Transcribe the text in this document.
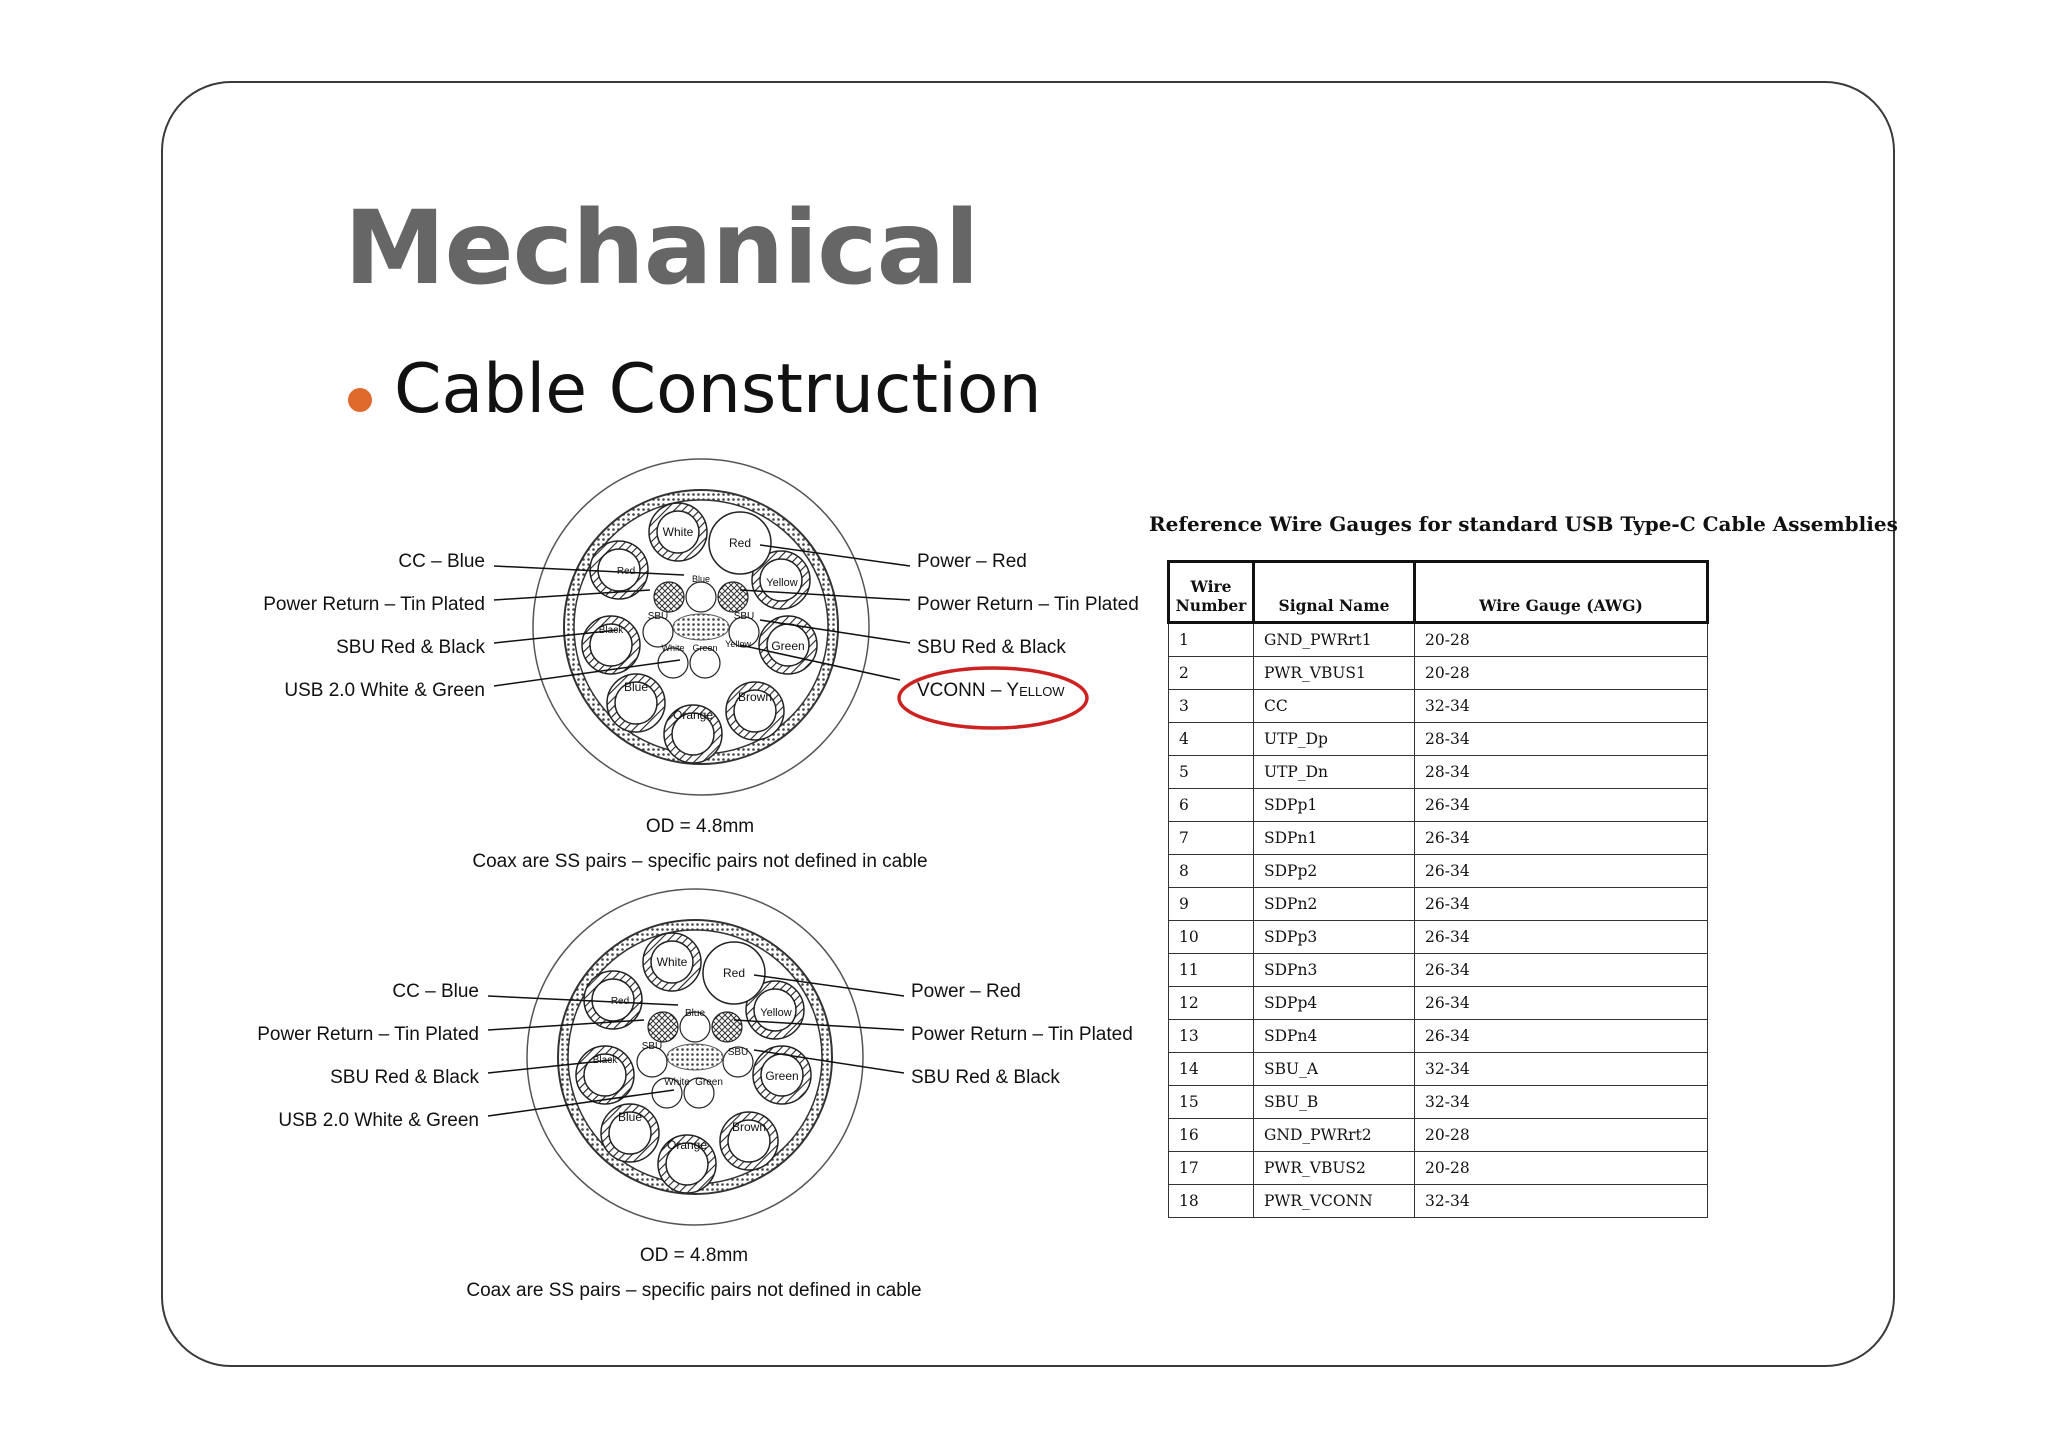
Mechanical
Cable Construction
White
Red
Red
Blue	Yellow
SBU	SBU
Black
White Green Yellow Green
Blue
Brown
Orange
White
Red
Red
Blue	Yellow
SBU
SBU
Black
White Green	Green
Blue
Brown
Orange
CC – Blue
Power Return – Tin Plated
SBU Red & Black
USB 2.0 White & Green
Power – Red
Power Return – Tin Plated
SBU Red & Black
VCONN – Yellow
OD = 4.8mm
Coax are SS pairs – specific pairs not defined in cable
CC – Blue
Power Return – Tin Plated
SBU Red & Black
USB 2.0 White & Green
Power – Red
Power Return – Tin Plated
SBU Red & Black
OD = 4.8mm
Coax are SS pairs – specific pairs not defined in cable
Reference Wire Gauges for standard USB Type-C Cable Assemblies
Wire
Number	Signal Name	Wire Gauge (AWG)
1	GND_PWRrt1	20-28
2	PWR_VBUS1	20-28
3	CC	32-34
4	UTP_Dp	28-34
5	UTP_Dn	28-34
6	SDPp1	26-34
7	SDPn1	26-34
8	SDPp2	26-34
9	SDPn2	26-34
10	SDPp3	26-34
11	SDPn3	26-34
12	SDPp4	26-34
13	SDPn4	26-34
14	SBU_A	32-34
15	SBU_B	32-34
16	GND_PWRrt2	20-28
17	PWR_VBUS2	20-28
18	PWR_VCONN	32-34
